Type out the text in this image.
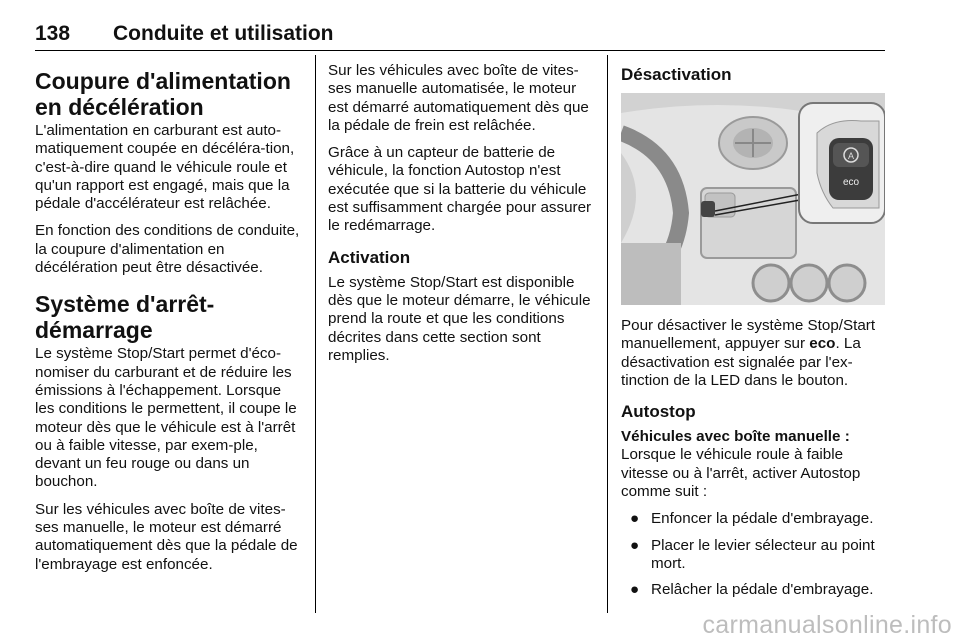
138 Conduite et utilisation
Coupure d'alimentation en décélération

L'alimentation en carburant est auto-matiquement coupée en décéléra-tion, c'est-à-dire quand le véhicule roule et qu'un rapport est engagé, mais que la pédale d'accélérateur est relâchée.

En fonction des conditions de conduite, la coupure d'alimentation en décélération peut être désactivée.

Système d'arrêt-démarrage

Le système Stop/Start permet d'éco-nomiser du carburant et de réduire les émissions à l'échappement. Lorsque les conditions le permettent, il coupe le moteur dès que le véhicule est à l'arrêt ou à faible vitesse, par exem-ple, devant un feu rouge ou dans un bouchon.

Sur les véhicules avec boîte de vites-ses manuelle, le moteur est démarré automatiquement dès que la pédale de l'embrayage est enfoncée.

Sur les véhicules avec boîte de vites-ses manuelle automatisée, le moteur est démarré automatiquement dès que la pédale de frein est relâchée.

Grâce à un capteur de batterie de véhicule, la fonction Autostop n'est exécutée que si la batterie du véhicule est suffisamment chargée pour assurer le redémarrage.

Activation

Le système Stop/Start est disponible dès que le moteur démarre, le véhicule prend la route et que les conditions décrites dans cette section sont remplies.

Désactivation
A
eco

Pour désactiver le système Stop/Start manuellement, appuyer sur eco. La désactivation est signalée par l'ex-tinction de la LED dans le bouton.

Autostop
Véhicules avec boîte manuelle :

Lorsque le véhicule roule à faible vitesse ou à l'arrêt, activer Autostop comme suit :

● Enfoncer la pédale d'embrayage.
● Placer le levier sélecteur au point mort.
● Relâcher la pédale d'embrayage.
carmanualsonline.info
